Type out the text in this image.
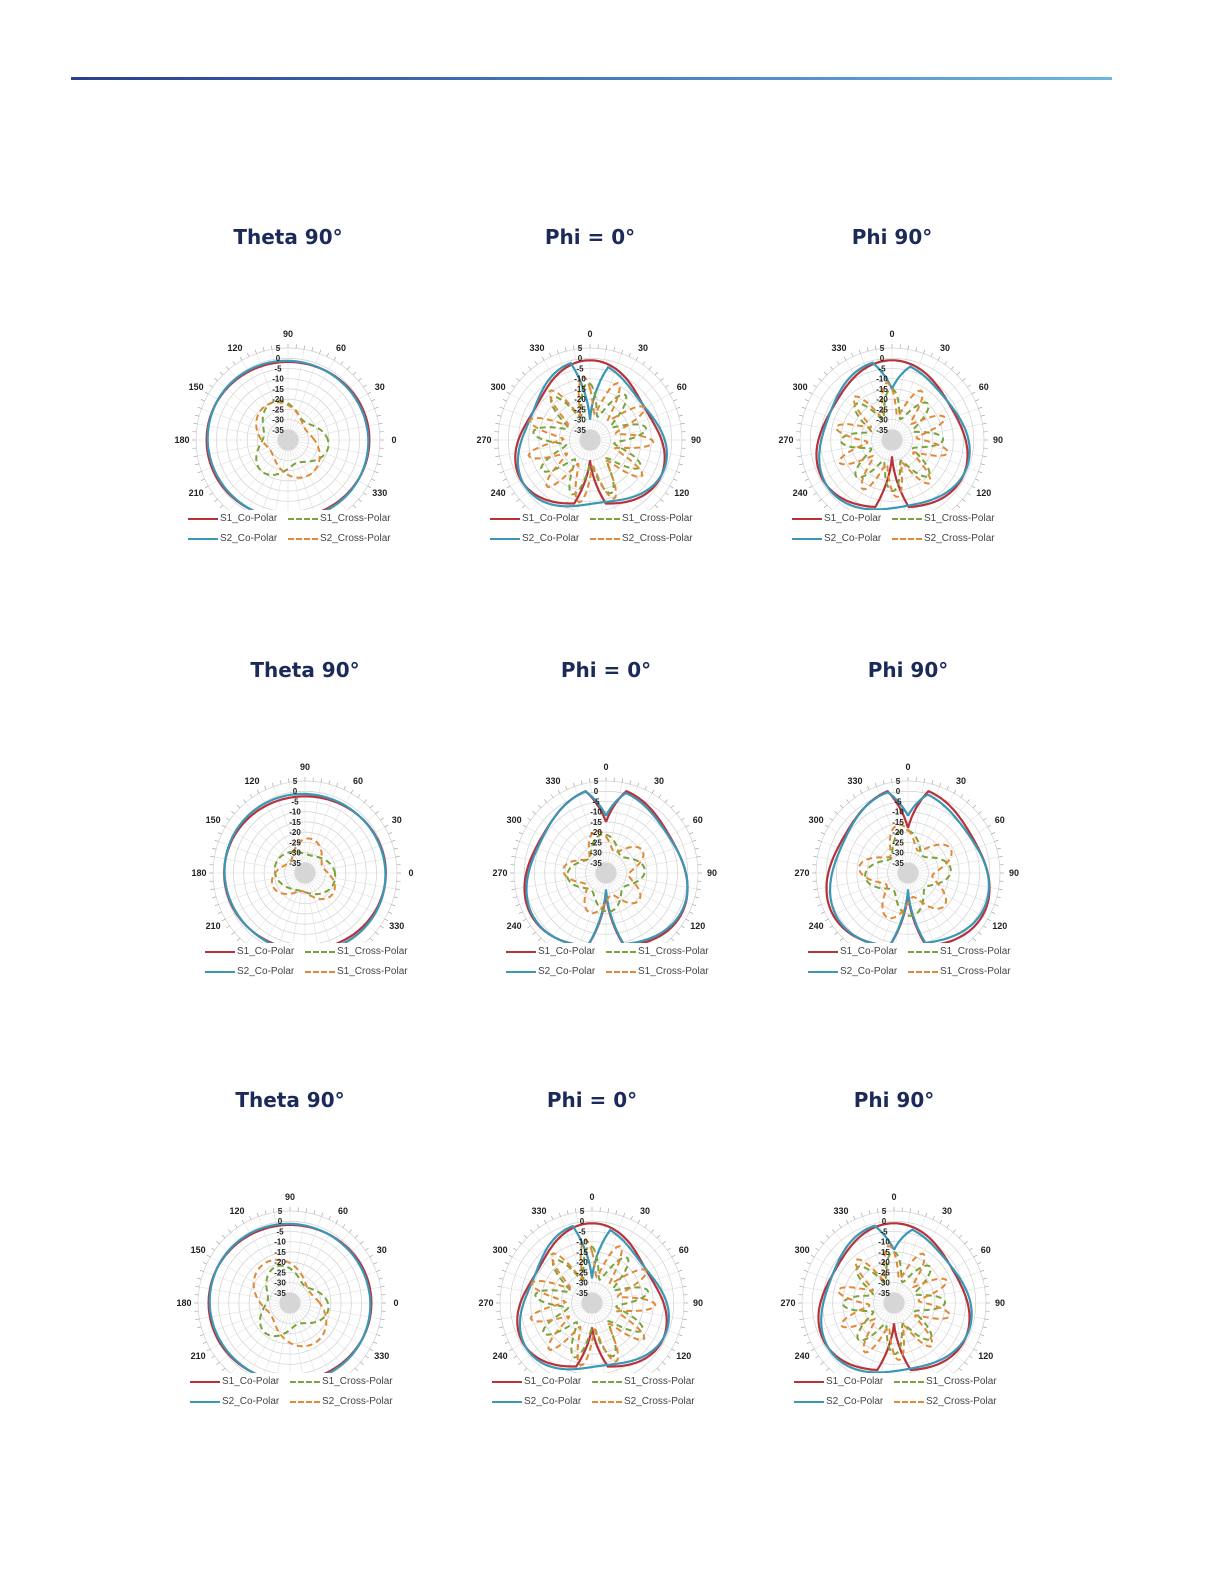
Theta 90°
5
0
-5
-10
-15
-20
-25
-30
-35
0
30
60
90
120
150
180
210	330
S1_Co-Polar	S1_Cross-Polar
S2_Co-Polar	S2_Cross-Polar
Phi = 0°
5
0
-5
-10
-15
-20
-25
-30
-35
0
30
60
90
120
240
270
300
330
S1_Co-Polar	S1_Cross-Polar
S2_Co-Polar	S2_Cross-Polar
Phi 90°
5
0
-5
-10
-15
-20
-25
-30
-35
0
30
60
90
120
240
270
300
330
S1_Co-Polar	S1_Cross-Polar
S2_Co-Polar	S2_Cross-Polar
Theta 90°
5
0
-5
-10
-15
-20
-25
-30
-35
0
30
60
90
120
150
180
210	330
S1_Co-Polar	S1_Cross-Polar
S2_Co-Polar	S1_Cross-Polar
Phi = 0°
5
0
-5
-10
-15
-20
-25
-30
-35
0
30
60
90
120
240
270
300
330
S1_Co-Polar	S1_Cross-Polar
S2_Co-Polar	S1_Cross-Polar
Phi 90°
5
0
-5
-10
-15
-20
-25
-30
-35
0
30
60
90
120
240
270
300
330
S1_Co-Polar	S1_Cross-Polar
S2_Co-Polar	S1_Cross-Polar
Theta 90°
5
0
-5
-10
-15
-20
-25
-30
-35
0
30
60
90
120
150
180
210	330
S1_Co-Polar	S1_Cross-Polar
S2_Co-Polar	S2_Cross-Polar
Phi = 0°
5
0
-5
-10
-15
-20
-25
-30
-35
0
30
60
90
120
240
270
300
330
S1_Co-Polar	S1_Cross-Polar
S2_Co-Polar	S2_Cross-Polar
Phi 90°
5
0
-5
-10
-15
-20
-25
-30
-35
0
30
60
90
120
240
270
300
330
S1_Co-Polar	S1_Cross-Polar
S2_Co-Polar	S2_Cross-Polar
